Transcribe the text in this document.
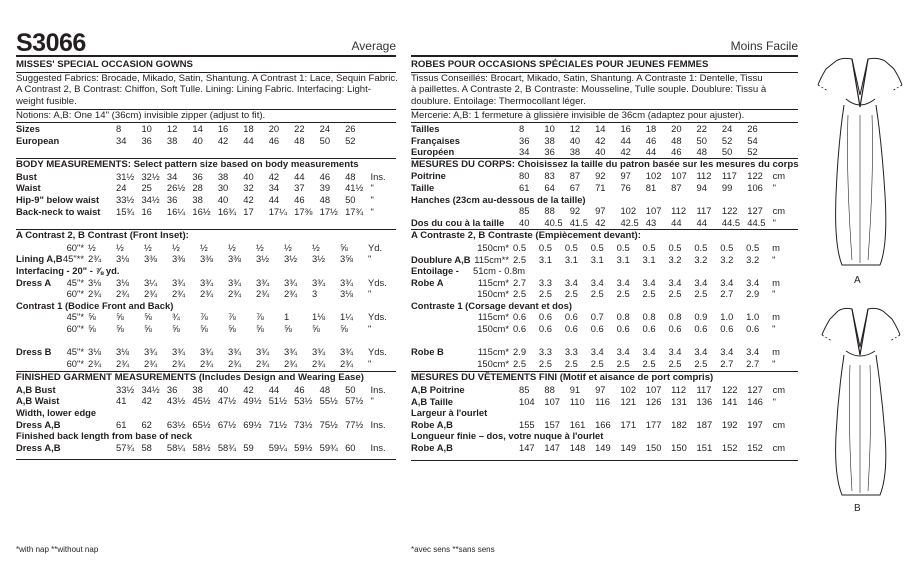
S3066	Average
MISSES' SPECIAL OCCASION GOWNS
Suggested Fabrics: Brocade, Mikado, Satin, Shantung. A Contrast 1: Lace, Sequin Fabric.
A Contrast 2, B Contrast: Chiffon, Soft Tulle. Lining: Lining Fabric. Interfacing: Light-
weight fusible.
Notions: A,B: One 14" (36cm) invisible zipper (adjust to fit).
Sizes	8	10	12	14	16	18	20	22	24	26	
European	34	36	38	40	42	44	46	48	50	52	
BODY MEASUREMENTS: Select pattern size based on body measurements
Bust	31½	32½	34	36	38	40	42	44	46	48	Ins.
Waist	24	25	26½	28	30	32	34	37	39	41½	"
Hip-9" below waist	33½	34½	36	38	40	42	44	46	48	50	"
Back-neck to waist	15¾	16	16¼	16½	16¾	17	17¼	17⅜	17½	17¾	"
A Contrast 2, B Contrast (Front Inset):
	60"*	½	½	½	½	½	½	½	½	½	⅝	Yd.
Lining A,B	45"**	2¾	3⅛	3⅜	3⅜	3⅜	3⅜	3½	3½	3½	3⅝	"
Interfacing - 20" - ⅞ yd.												
Dress A	45"*	3⅛	3⅛	3¼	3¾	3¾	3¾	3¾	3¾	3¾	3¾	Yds.
	60"*	2¾	2¾	2¾	2¾	2¾	2¾	2¾	2¾	3	3⅛	"
Contrast 1 (Bodice Front and Back)												
	45"*	⅝	⅝	⅝	¾	⅞	⅞	⅞	1	1⅛	1¼	Yds.
	60"*	⅝	⅝	⅝	⅝	⅝	⅝	⅝	⅝	⅝	⅝	"

Dress B	45"*	3⅛	3⅛	3¾	3¾	3¾	3¾	3¾	3¾	3¾	3¾	Yds.
	60"*	2¾	2¾	2¾	2¾	2¾	2¾	2¾	2¾	2¾	2¾	"
FINISHED GARMENT MEASUREMENTS (Includes Design and Wearing Ease)
A,B Bust	33½	34½	36	38	40	42	44	46	48	50	Ins.
A,B Waist	41	42	43½	45½	47½	49½	51½	53½	55½	57½	"
Width, lower edge											
Dress A,B	61	62	63½	65½	67½	69½	71½	73½	75½	77½	Ins.
Finished back length from base of neck											
Dress A,B	57¾	58	58¼	58½	58¾	59	59¼	59½	59¾	60	Ins.
*with nap **without nap
Moins Facile
ROBES POUR OCCASIONS SPÉCIALES POUR JEUNES FEMMES
Tissus Conseillés: Brocart, Mikado, Satin, Shantung. A Contraste 1: Dentelle, Tissu
à paillettes. A Contraste 2, B Contraste: Mousseline, Tulle souple. Doublure: Tissu à
doublure. Entoilage: Thermocollant léger.
Mercerie: A,B: 1 fermeture à glissière invisible de 36cm (adaptez pour ajuster).
Tailles	8	10	12	14	16	18	20	22	24	26	
Françaises	36	38	40	42	44	46	48	50	52	54	
Européen	34	36	38	40	42	44	46	48	50	52	
MESURES DU CORPS: Choisissez la taille du patron basée sur les mesures du corps
Poitrine	80	83	87	92	97	102	107	112	117	122	cm
Taille	61	64	67	71	76	81	87	94	99	106	"
Hanches (23cm au-dessous de la taille)											
	85	88	92	97	102	107	112	117	122	127	cm
Dos du cou à la taille	40	40.5	41.5	42	42.5	43	44	44	44.5	44.5	"
A Contraste 2, B Contraste (Empiècement devant):
	150cm*	0.5	0.5	0.5	0.5	0.5	0.5	0.5	0.5	0.5	0.5	m
Doublure A,B	115cm**	2.5	3.1	3.1	3.1	3.1	3.1	3.2	3.2	3.2	3.2	"
Entoilage -	51cm - 0.8m											
Robe A	115cm*	2.7	3.3	3.4	3.4	3.4	3.4	3.4	3.4	3.4	3.4	m
	150cm*	2.5	2.5	2.5	2.5	2.5	2.5	2.5	2.5	2.7	2.9	"
Contraste 1 (Corsage devant et dos)												
	115cm*	0.6	0.6	0.6	0.7	0.8	0.8	0.8	0.9	1.0	1.0	m
	150cm*	0.6	0.6	0.6	0.6	0.6	0.6	0.6	0.6	0.6	0.6	"

Robe B	115cm*	2.9	3.3	3.3	3.4	3.4	3.4	3.4	3.4	3.4	3.4	m
	150cm*	2.5	2.5	2.5	2.5	2.5	2.5	2.5	2.5	2.7	2.7	"
MESURES DU VÊTEMENTS FINI (Motif et aisance de port compris)
A,B Poitrine	85	88	91	97	102	107	112	117	122	127	cm
A,B Taille	104	107	110	116	121	126	131	136	141	146	"
Largeur à l'ourlet											
Robe A,B	155	157	161	166	171	177	182	187	192	197	cm
Longueur finie – dos, votre nuque à l'ourlet											
Robe A,B	147	147	148	149	149	150	150	151	152	152	cm
*avec sens **sans sens
A
B
